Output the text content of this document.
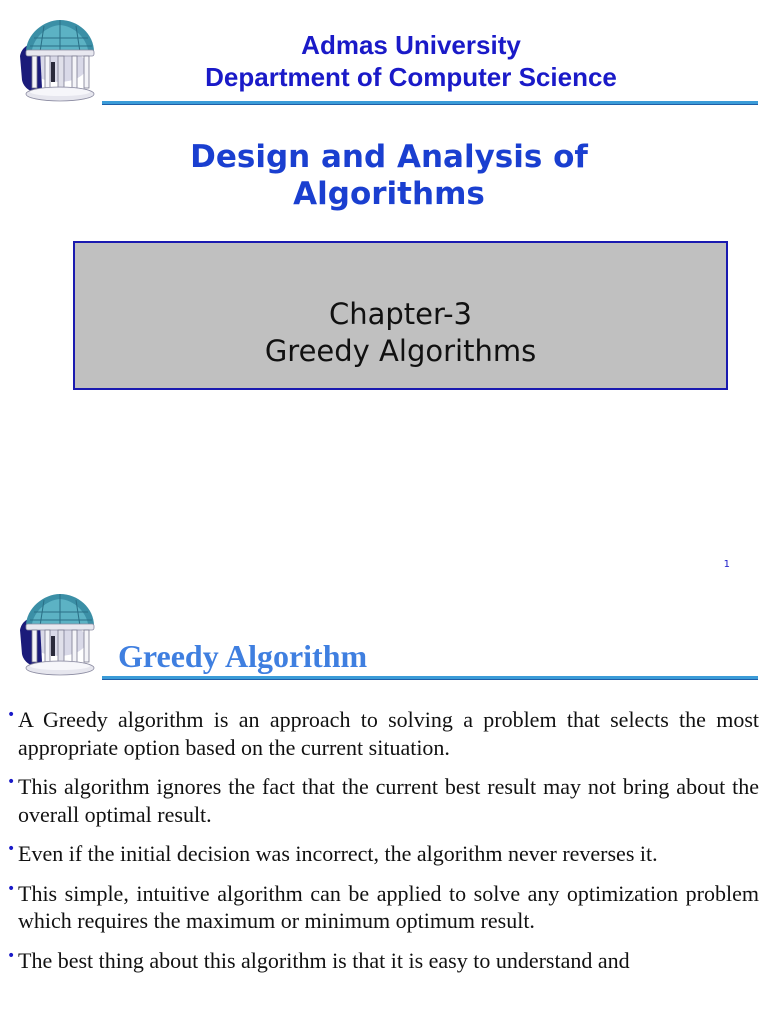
Admas University
Department of Computer Science
Design and Analysis of
Algorithms
Chapter-3
Greedy Algorithms
1
Greedy Algorithm
• A Greedy algorithm is an approach to solving a problem that selects the most appropriate option based on the current situation.
• This algorithm ignores the fact that the current best result may not bring about the overall optimal result.
• Even if the initial decision was incorrect, the algorithm never reverses it.
• This simple, intuitive algorithm can be applied to solve any optimization problem which requires the maximum or minimum optimum result.
• The best thing about this algorithm is that it is easy to understand and
